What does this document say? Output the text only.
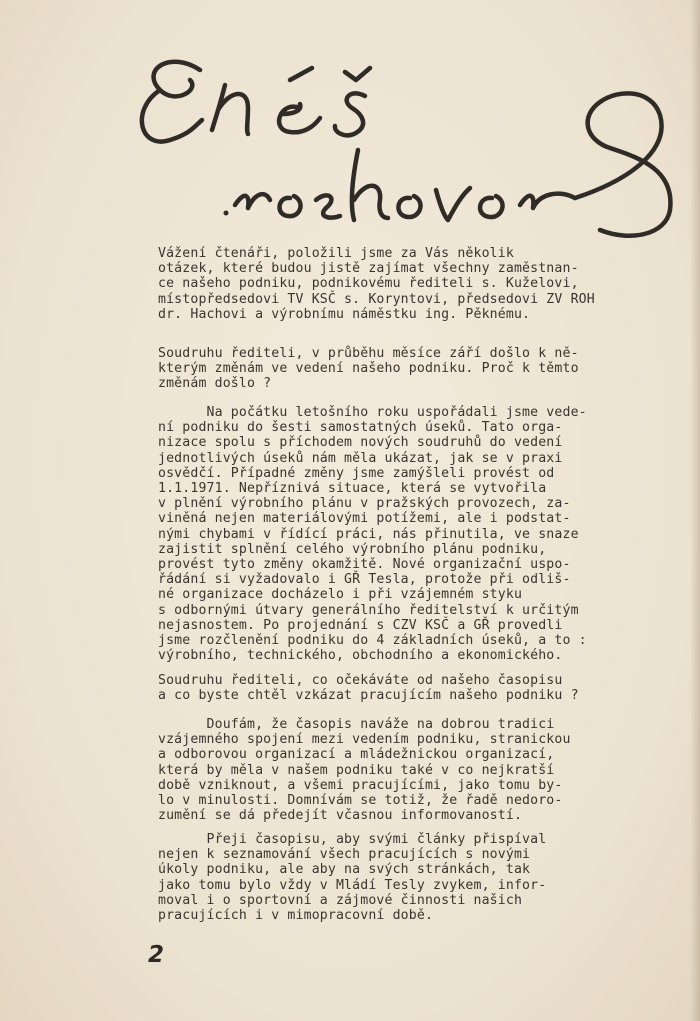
Vážení čtenáři, položili jsme za Vás několik
otázek, které budou jistě zajímat všechny zaměstnan-
ce našeho podniku, podnikovému řediteli s. Kuželovi,
místopředsedovi TV KSČ s. Koryntovi, předsedovi ZV ROH
dr. Hachovi a výrobnímu náměstku ing. Pěknému.
Soudruhu řediteli, v průběhu měsíce září došlo k ně-
kterým změnám ve vedení našeho podniku. Proč k těmto
změnám došlo ?
Na počátku letošního roku uspořádali jsme vede-
ní podniku do šesti samostatných úseků. Tato orga-
nizace spolu s příchodem nových soudruhů do vedení
jednotlivých úseků nám měla ukázat, jak se v praxi
osvědčí. Případné změny jsme zamýšleli provést od
1.1.1971. Nepříznivá situace, která se vytvořila
v plnění výrobního plánu v pražských provozech, za-
viněná nejen materiálovými potížemi, ale i podstat-
nými chybami v řídící práci, nás přinutila, ve snaze
zajistit splnění celého výrobního plánu podniku,
provést tyto změny okamžitě. Nové organizační uspo-
řádání si vyžadovalo i GŘ Tesla, protože při odliš-
né organizace docházelo i při vzájemném styku
s odbornými útvary generálního ředitelství k určitým
nejasnostem. Po projednání s CZV KSČ a GŘ provedli
jsme rozčlenění podniku do 4 základních úseků, a to :
výrobního, technického, obchodního a ekonomického.
Soudruhu řediteli, co očekáváte od našeho časopisu
a co byste chtěl vzkázat pracujícím našeho podniku ?
Doufám, že časopis naváže na dobrou tradici
vzájemného spojení mezi vedením podniku, stranickou
a odborovou organizací a mládežnickou organizací,
která by měla v našem podniku také v co nejkratší
době vzniknout, a všemi pracujícími, jako tomu by-
lo v minulosti. Domnívám se totiž, že řadě nedoro-
zumění se dá předejít včasnou informovaností.
Přeji časopisu, aby svými články přispíval
nejen k seznamování všech pracujících s novými
úkoly podniku, ale aby na svých stránkách, tak
jako tomu bylo vždy v Mládí Tesly zvykem, infor-
moval i o sportovní a zájmové činnosti našich
pracujících i v mimopracovní době.
2
